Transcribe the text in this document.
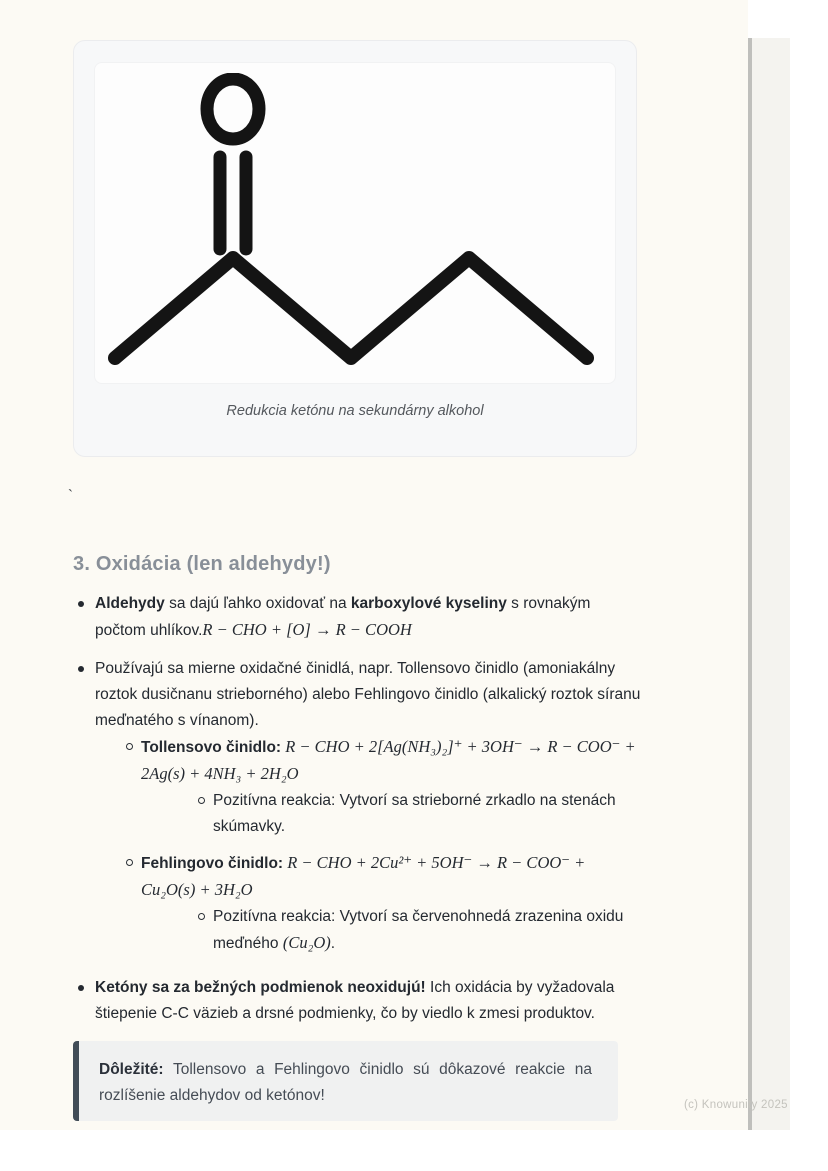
Redukcia ketónu na sekundárny alkohol
`
3. Oxidácia (len aldehydy!)
Aldehydy sa dajú ľahko oxidovať na karboxylové kyseliny s rovnakým počtom uhlíkov.R − CHO + [O] → R − COOH
Používajú sa mierne oxidačné činidlá, napr. Tollensovo činidlo (amoniakálny roztok dusičnanu strieborného) alebo Fehlingovo činidlo (alkalický roztok síranu meďnatého s vínanom).
Tollensovo činidlo: R − CHO + 2[Ag(NH₃)₂]⁺ + 3OH⁻ → R − COO⁻ + 2Ag(s) + 4NH₃ + 2H₂O
Pozitívna reakcia: Vytvorí sa strieborné zrkadlo na stenách skúmavky.
Fehlingovo činidlo: R − CHO + 2Cu²⁺ + 5OH⁻ → R − COO⁻ + Cu₂O(s) + 3H₂O
Pozitívna reakcia: Vytvorí sa červenohnedá zrazenina oxidu meďného (Cu₂O).
Ketóny sa za bežných podmienok neoxidujú! Ich oxidácia by vyžadovala štiepenie C-C väzieb a drsné podmienky, čo by viedlo k zmesi produktov.
Dôležité: Tollensovo a Fehlingovo činidlo sú dôkazové reakcie na rozlíšenie aldehydov od ketónov!
(c) Knowunity 2025
